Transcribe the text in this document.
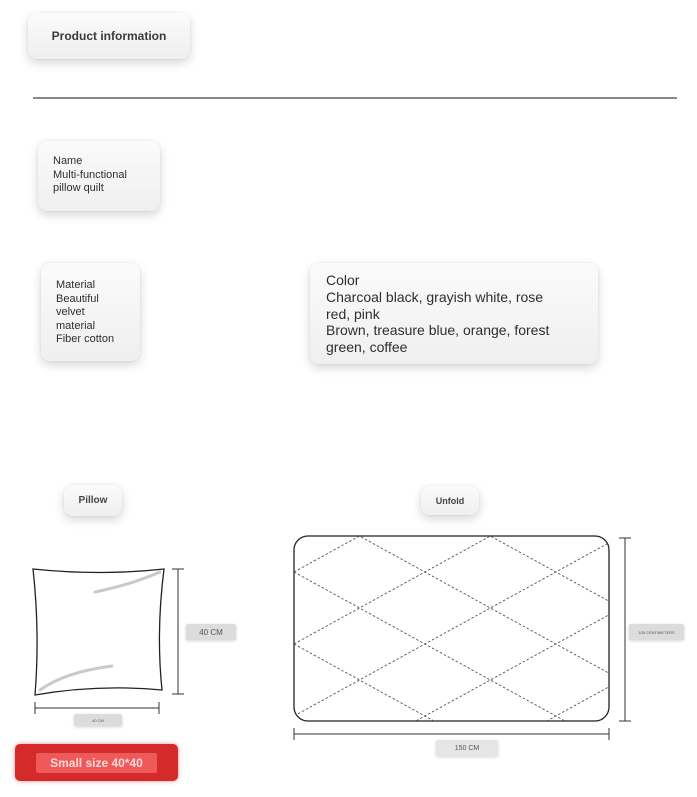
Product information
Name
Multi-functional
pillow quilt
Material
Beautiful
velvet
material
Fiber cotton
Color
Charcoal black, grayish white, rose
red, pink
Brown, treasure blue, orange, forest
green, coffee
Pillow	Unfold
40 CM
40 CM
105 CENTIMETERS
150 CM
Small size 40*40
